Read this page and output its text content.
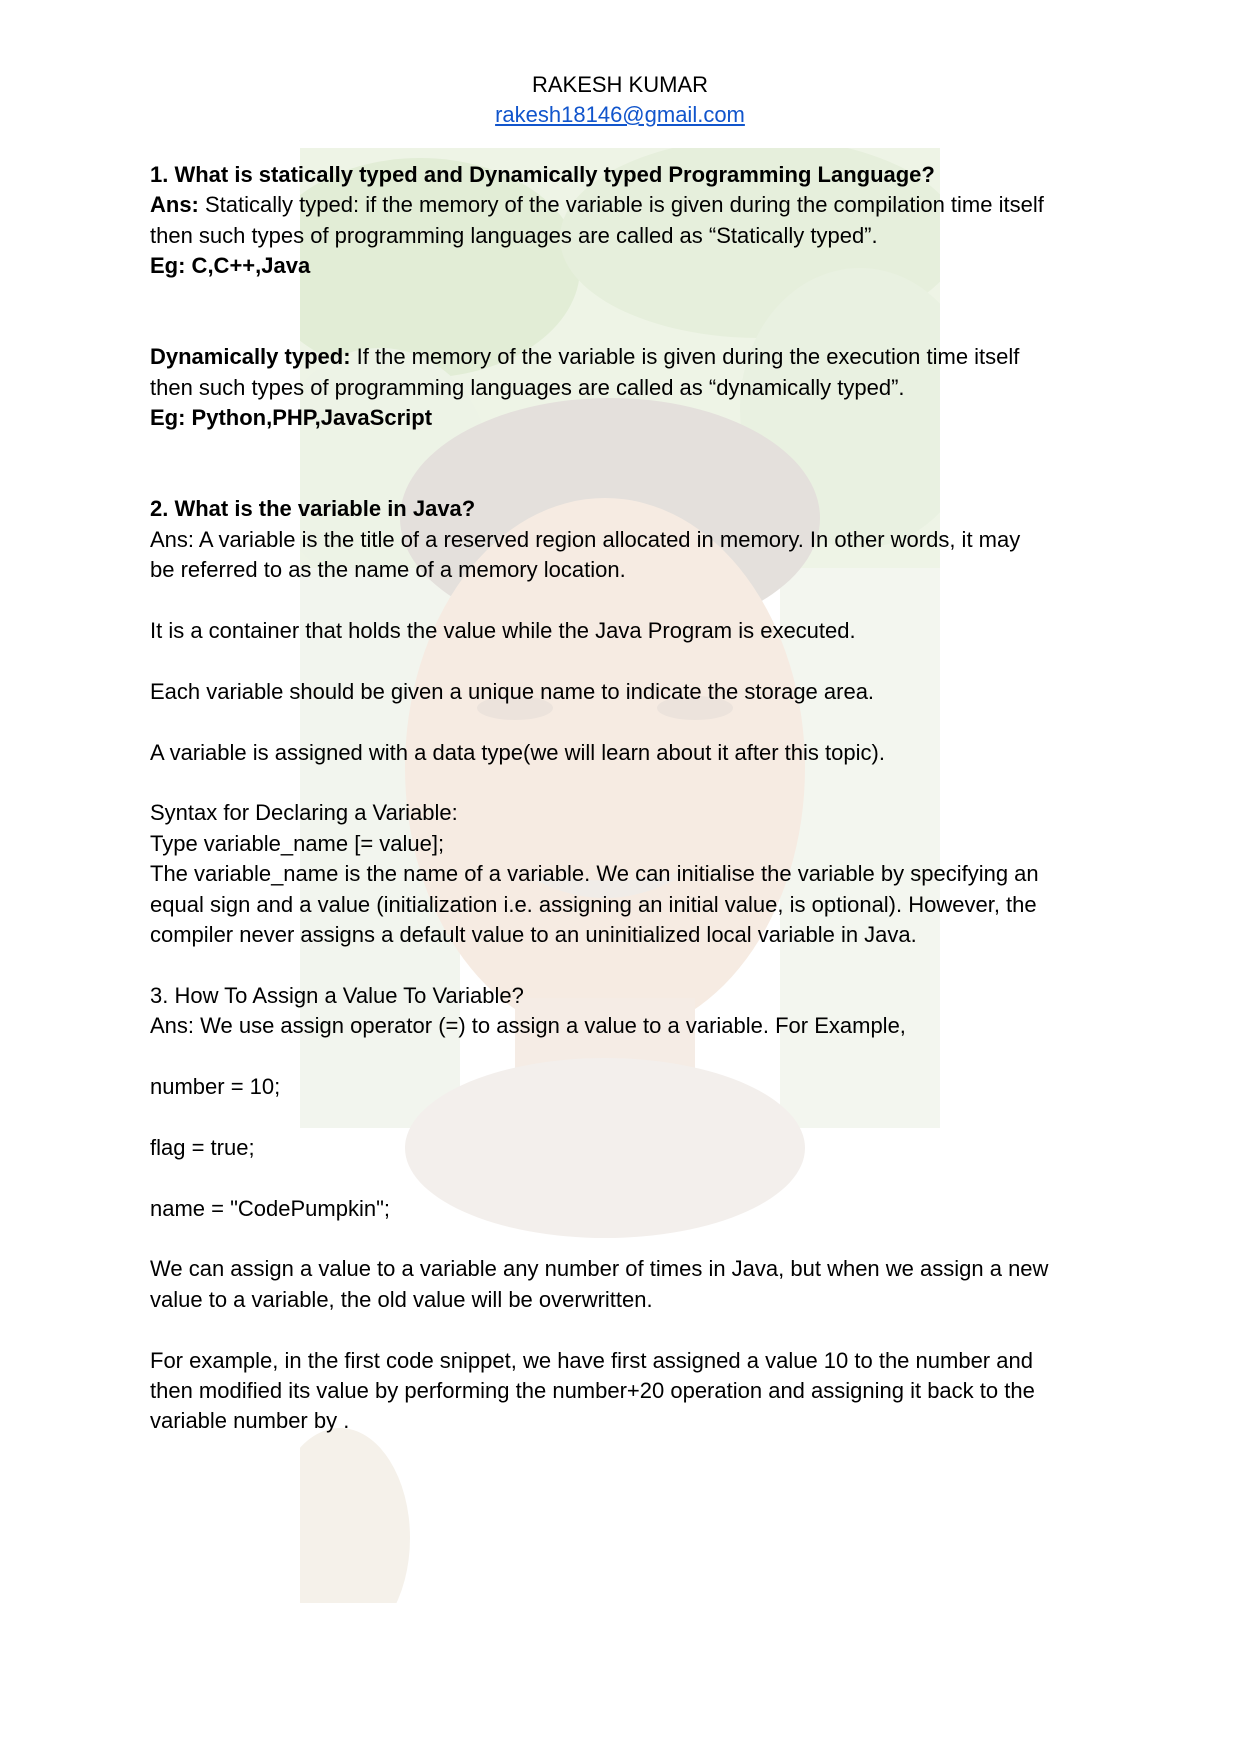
RAKESH KUMAR
rakesh18146@gmail.com
1. What is statically typed and Dynamically typed Programming Language?
Ans: Statically typed: if the memory of the variable is given during the compilation time itself
then such types of programming languages are called as “Statically typed”.
Eg: C,C++,Java
Dynamically typed: If the memory of the variable is given during the execution time itself
then such types of programming languages are called as “dynamically typed”.
Eg: Python,PHP,JavaScript
2. What is the variable in Java?
Ans: A variable is the title of a reserved region allocated in memory. In other words, it may
be referred to as the name of a memory location.
It is a container that holds the value while the Java Program is executed.
Each variable should be given a unique name to indicate the storage area.
A variable is assigned with a data type(we will learn about it after this topic).
Syntax for Declaring a Variable:
Type variable_name [= value];
The variable_name is the name of a variable. We can initialise the variable by specifying an
equal sign and a value (initialization i.e. assigning an initial value, is optional). However, the
compiler never assigns a default value to an uninitialized local variable in Java.
3. How To Assign a Value To Variable?
Ans: We use assign operator (=) to assign a value to a variable. For Example,
number = 10;
flag = true;
name = "CodePumpkin";
We can assign a value to a variable any number of times in Java, but when we assign a new
value to a variable, the old value will be overwritten.
For example, in the first code snippet, we have first assigned a value 10 to the number and
then modified its value by performing the number+20 operation and assigning it back to the
variable number by .
